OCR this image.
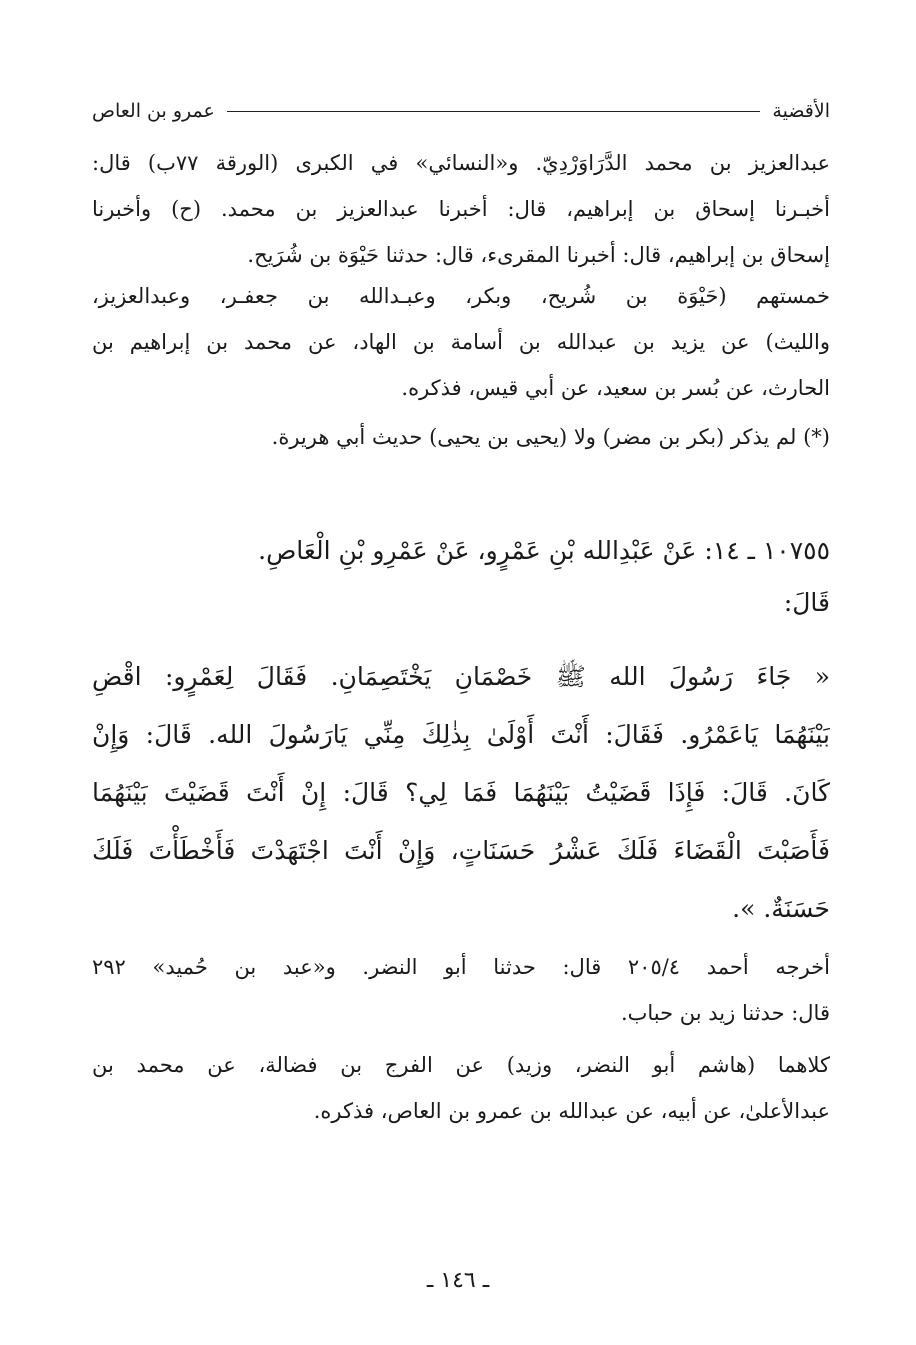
الأقضية
عمرو بن العاص
عبدالعزيز بن محمد الدَّرَاوَرْدِيّ. و«النسائي» في الكبرى (الورقة ٧٧ب) قال:
أخبـرنا إسحاق بن إبراهيم، قال: أخبرنا عبدالعزيز بن محمد. (ح) وأخبرنا
إسحاق بن إبراهيم، قال: أخبرنا المقرىء، قال: حدثنا حَيْوَة بن شُرَيح.
خمستهم (حَيْوَة بن شُريح، وبكر، وعبـدالله بن جعفـر، وعبدالعزيز،
والليث) عن يزيد بن عبدالله بن أسامة بن الهاد، عن محمد بن إبراهيم بن
الحارث، عن بُسر بن سعيد، عن أبي قيس، فذكره.
(*) لم يذكر (بكر بن مضر) ولا (يحيى بن يحيى) حديث أبي هريرة.
١٠٧٥٥ ـ ١٤: عَنْ عَبْدِالله بْنِ عَمْرٍو، عَنْ عَمْرِو بْنِ الْعَاصِ.
قَالَ:
« جَاءَ رَسُولَ الله ﷺ خَصْمَانِ يَخْتَصِمَانِ. فَقَالَ لِعَمْرٍو: اقْضِ
بَيْنَهُمَا يَاعَمْرُو. فَقَالَ: أَنْتَ أَوْلَىٰ بِذٰلِكَ مِنِّي يَارَسُولَ الله. قَالَ: وَإِنْ
كَانَ. قَالَ: فَإِذَا قَضَيْتُ بَيْنَهُمَا فَمَا لِي؟ قَالَ: إِنْ أَنْتَ قَضَيْتَ بَيْنَهُمَا
فَأَصَبْتَ الْقَضَاءَ فَلَكَ عَشْرُ حَسَنَاتٍ، وَإِنْ أَنْتَ اجْتَهَدْتَ فَأَخْطَأْتَ فَلَكَ
حَسَنَةٌ. ».
أخرجه أحمد ٢٠٥/٤ قال: حدثنا أبو النضر. و«عبد بن حُميد» ٢٩٢
قال: حدثنا زيد بن حباب.
كلاهما (هاشم أبو النضر، وزيد) عن الفرج بن فضالة، عن محمد بن
عبدالأعلىٰ، عن أبيه، عن عبدالله بن عمرو بن العاص، فذكره.
ـ ١٤٦ ـ
